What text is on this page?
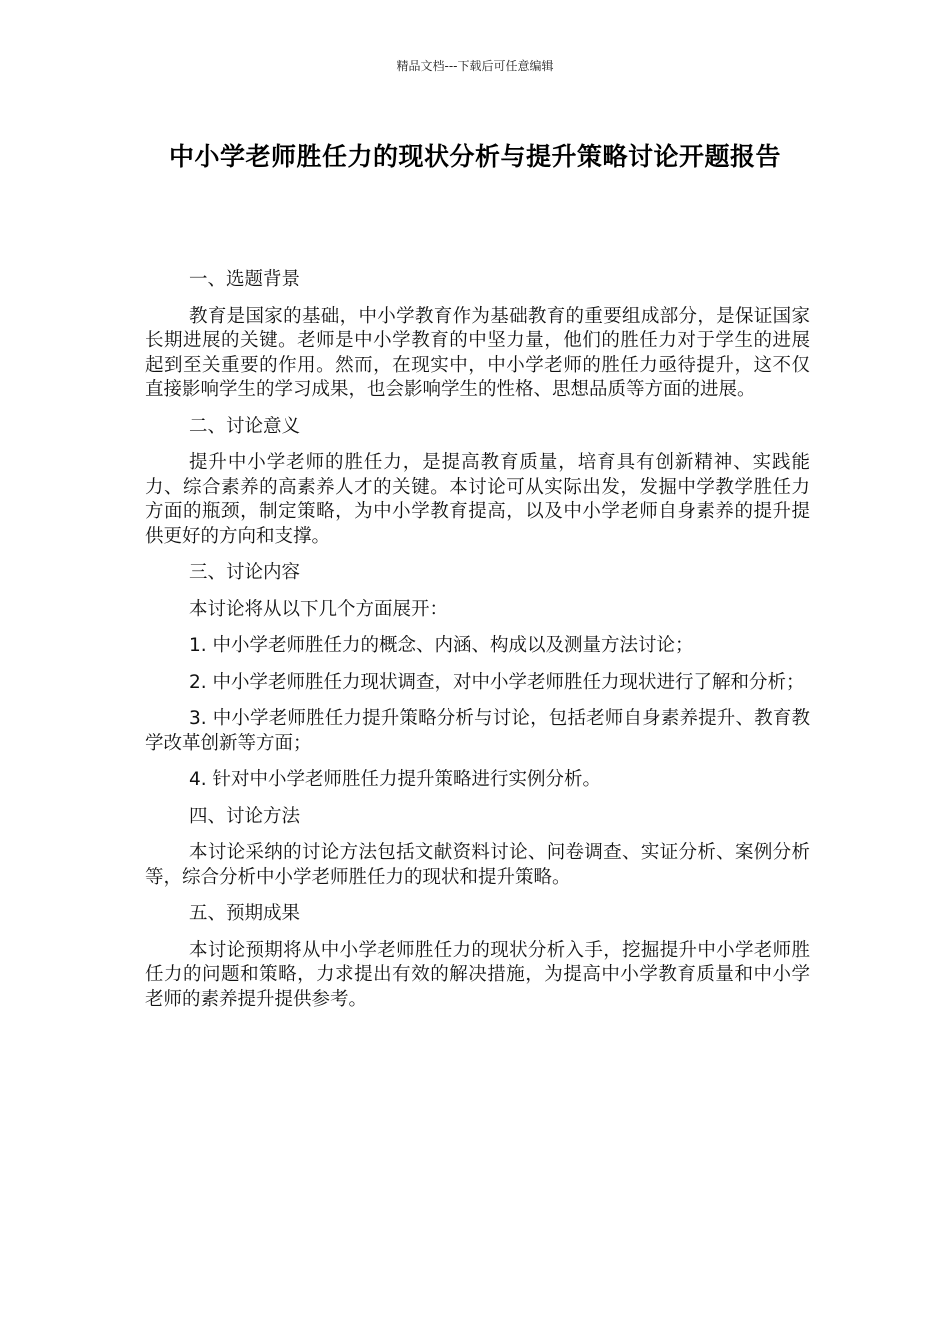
精品文档---下载后可任意编辑
中小学老师胜任力的现状分析与提升策略讨论开题报告

一、选题背景

教育是国家的基础，中小学教育作为基础教育的重要组成部分，是保证国家长期进展的关键。老师是中小学教育的中坚力量，他们的胜任力对于学生的进展起到至关重要的作用。然而，在现实中，中小学老师的胜任力亟待提升，这不仅直接影响学生的学习成果，也会影响学生的性格、思想品质等方面的进展。

二、讨论意义

提升中小学老师的胜任力，是提高教育质量，培育具有创新精神、实践能力、综合素养的高素养人才的关键。本讨论可从实际出发，发掘中学教学胜任力方面的瓶颈，制定策略，为中小学教育提高，以及中小学老师自身素养的提升提供更好的方向和支撑。

三、讨论内容

本讨论将从以下几个方面展开：

1. 中小学老师胜任力的概念、内涵、构成以及测量方法讨论；

2. 中小学老师胜任力现状调查，对中小学老师胜任力现状进行了解和分析；

3. 中小学老师胜任力提升策略分析与讨论，包括老师自身素养提升、教育教学改革创新等方面；

4. 针对中小学老师胜任力提升策略进行实例分析。

四、讨论方法

本讨论采纳的讨论方法包括文献资料讨论、问卷调查、实证分析、案例分析等，综合分析中小学老师胜任力的现状和提升策略。

五、预期成果

本讨论预期将从中小学老师胜任力的现状分析入手，挖掘提升中小学老师胜任力的问题和策略，力求提出有效的解决措施，为提高中小学教育质量和中小学老师的素养提升提供参考。
